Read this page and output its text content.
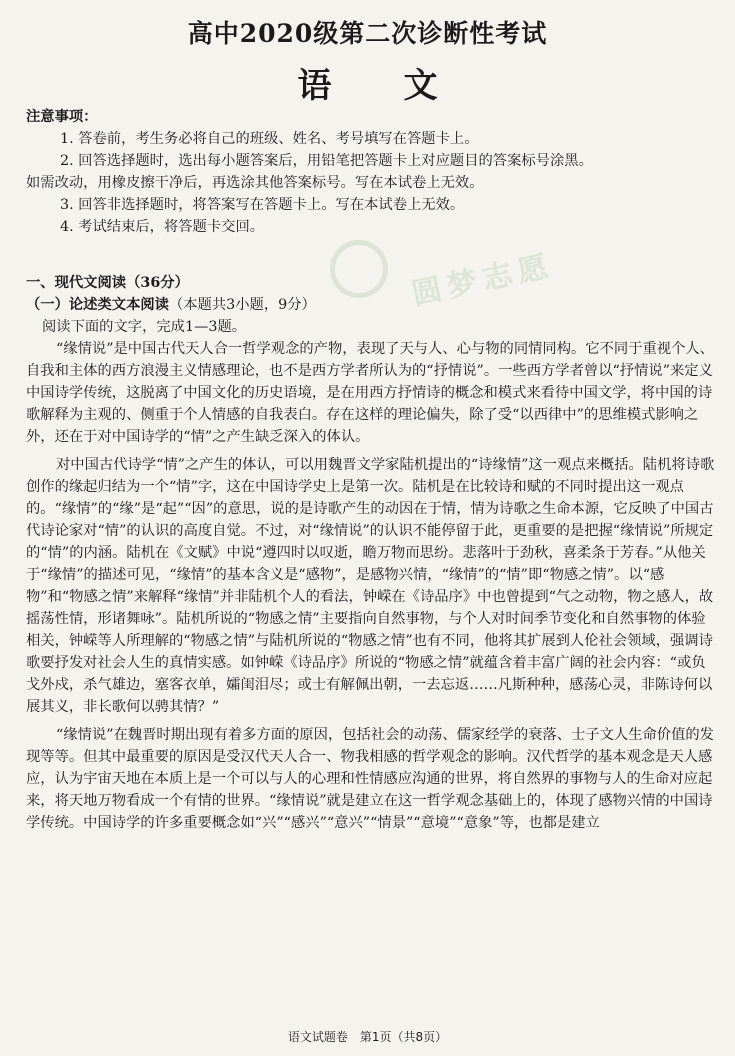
圆梦志愿
高中2020级第二次诊断性考试
语文

注意事项：

1. 答卷前，考生务必将自己的班级、姓名、考号填写在答题卡上。

2. 回答选择题时，选出每小题答案后，用铅笔把答题卡上对应题目的答案标号涂黑。

如需改动，用橡皮擦干净后，再选涂其他答案标号。写在本试卷上无效。

3. 回答非选择题时，将答案写在答题卡上。写在本试卷上无效。

4. 考试结束后，将答题卡交回。

一、现代文阅读（36分）

（一）论述类文本阅读（本题共3小题，9分）

阅读下面的文字，完成1—3题。

“缘情说”是中国古代天人合一哲学观念的产物，表现了天与人、心与物的同情同构。它不同于重视个人、自我和主体的西方浪漫主义情感理论，也不是西方学者所认为的“抒情说”。一些西方学者曾以“抒情说”来定义中国诗学传统，这脱离了中国文化的历史语境，是在用西方抒情诗的概念和模式来看待中国文学，将中国的诗歌解释为主观的、侧重于个人情感的自我表白。存在这样的理论偏失，除了受“以西律中”的思维模式影响之外，还在于对中国诗学的“情”之产生缺乏深入的体认。

对中国古代诗学“情”之产生的体认，可以用魏晋文学家陆机提出的“诗缘情”这一观点来概括。陆机将诗歌创作的缘起归结为一个“情”字，这在中国诗学史上是第一次。陆机是在比较诗和赋的不同时提出这一观点的。“缘情”的“缘”是“起”“因”的意思，说的是诗歌产生的动因在于情，情为诗歌之生命本源，它反映了中国古代诗论家对“情”的认识的高度自觉。不过，对“缘情说”的认识不能停留于此，更重要的是把握“缘情说”所规定的“情”的内涵。陆机在《文赋》中说“遵四时以叹逝，瞻万物而思纷。悲落叶于劲秋，喜柔条于芳春。”从他关于“缘情”的描述可见，“缘情”的基本含义是“感物”，是感物兴情，“缘情”的“情”即“物感之情”。以“感物”和“物感之情”来解释“缘情”并非陆机个人的看法，钟嵘在《诗品序》中也曾提到“气之动物，物之感人，故摇荡性情，形诸舞咏”。陆机所说的“物感之情”主要指向自然事物，与个人对时间季节变化和自然事物的体验相关，钟嵘等人所理解的“物感之情”与陆机所说的“物感之情”也有不同，他将其扩展到人伦社会领域，强调诗歌要抒发对社会人生的真情实感。如钟嵘《诗品序》所说的“物感之情”就蕴含着丰富广阔的社会内容：“或负戈外戍，杀气雄边，塞客衣单，孀闺泪尽；或士有解佩出朝，一去忘返……凡斯种种，感荡心灵，非陈诗何以展其义，非长歌何以骋其情？”

“缘情说”在魏晋时期出现有着多方面的原因，包括社会的动荡、儒家经学的衰落、士子文人生命价值的发现等等。但其中最重要的原因是受汉代天人合一、物我相感的哲学观念的影响。汉代哲学的基本观念是天人感应，认为宇宙天地在本质上是一个可以与人的心理和性情感应沟通的世界，将自然界的事物与人的生命对应起来，将天地万物看成一个有情的世界。“缘情说”就是建立在这一哲学观念基础上的，体现了感物兴情的中国诗学传统。中国诗学的许多重要概念如“兴”“感兴”“意兴”“情景”“意境”“意象”等，也都是建立

语文试题卷　第1页（共8页）
